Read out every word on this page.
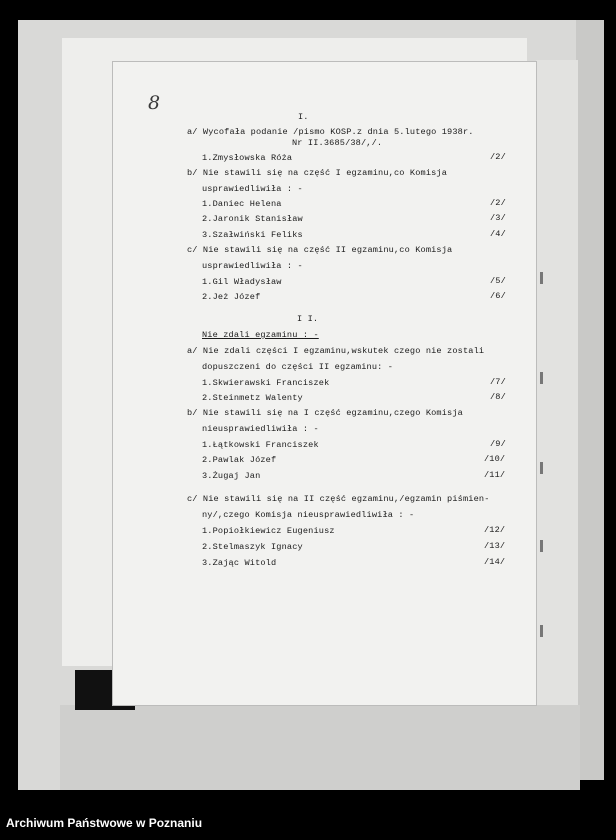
8
I.
a/ Wycofała podanie /pismo KOSP.z dnia 5.lutego 1938r.
Nr II.3685/38/,/.
1.Zmysłowska Róża	/2/
b/ Nie stawili się na część I egzaminu,co Komisja
usprawiedliwiła : -
1.Daniec Helena	/2/
2.Jaronik Stanisław	/3/
3.Szałwiński Feliks	/4/
c/ Nie stawili się na część II egzaminu,co Komisja
usprawiedliwiła : -
1.Gil Władysław	/5/
2.Jeż Józef	/6/
I I.
Nie zdali egzaminu : -
a/ Nie zdali części I egzaminu,wskutek czego nie zostali
dopuszczeni do części II egzaminu: -
1.Skwierawski Franciszek	/7/
2.Steinmetz Walenty	/8/
b/ Nie stawili się na I część egzaminu,czego Komisja
nieusprawiedliwiła : -
1.Łątkowski Franciszek	/9/
2.Pawlak Józef	/10/
3.Żugaj Jan	/11/
c/ Nie stawili się na II część egzaminu,/egzamin piśmien-
ny/,czego Komisja nieusprawiedliwiła : -
1.Popiołkiewicz Eugeniusz	/12/
2.Stelmaszyk Ignacy	/13/
3.Zając Witold	/14/
Archiwum Państwowe w Poznaniu
